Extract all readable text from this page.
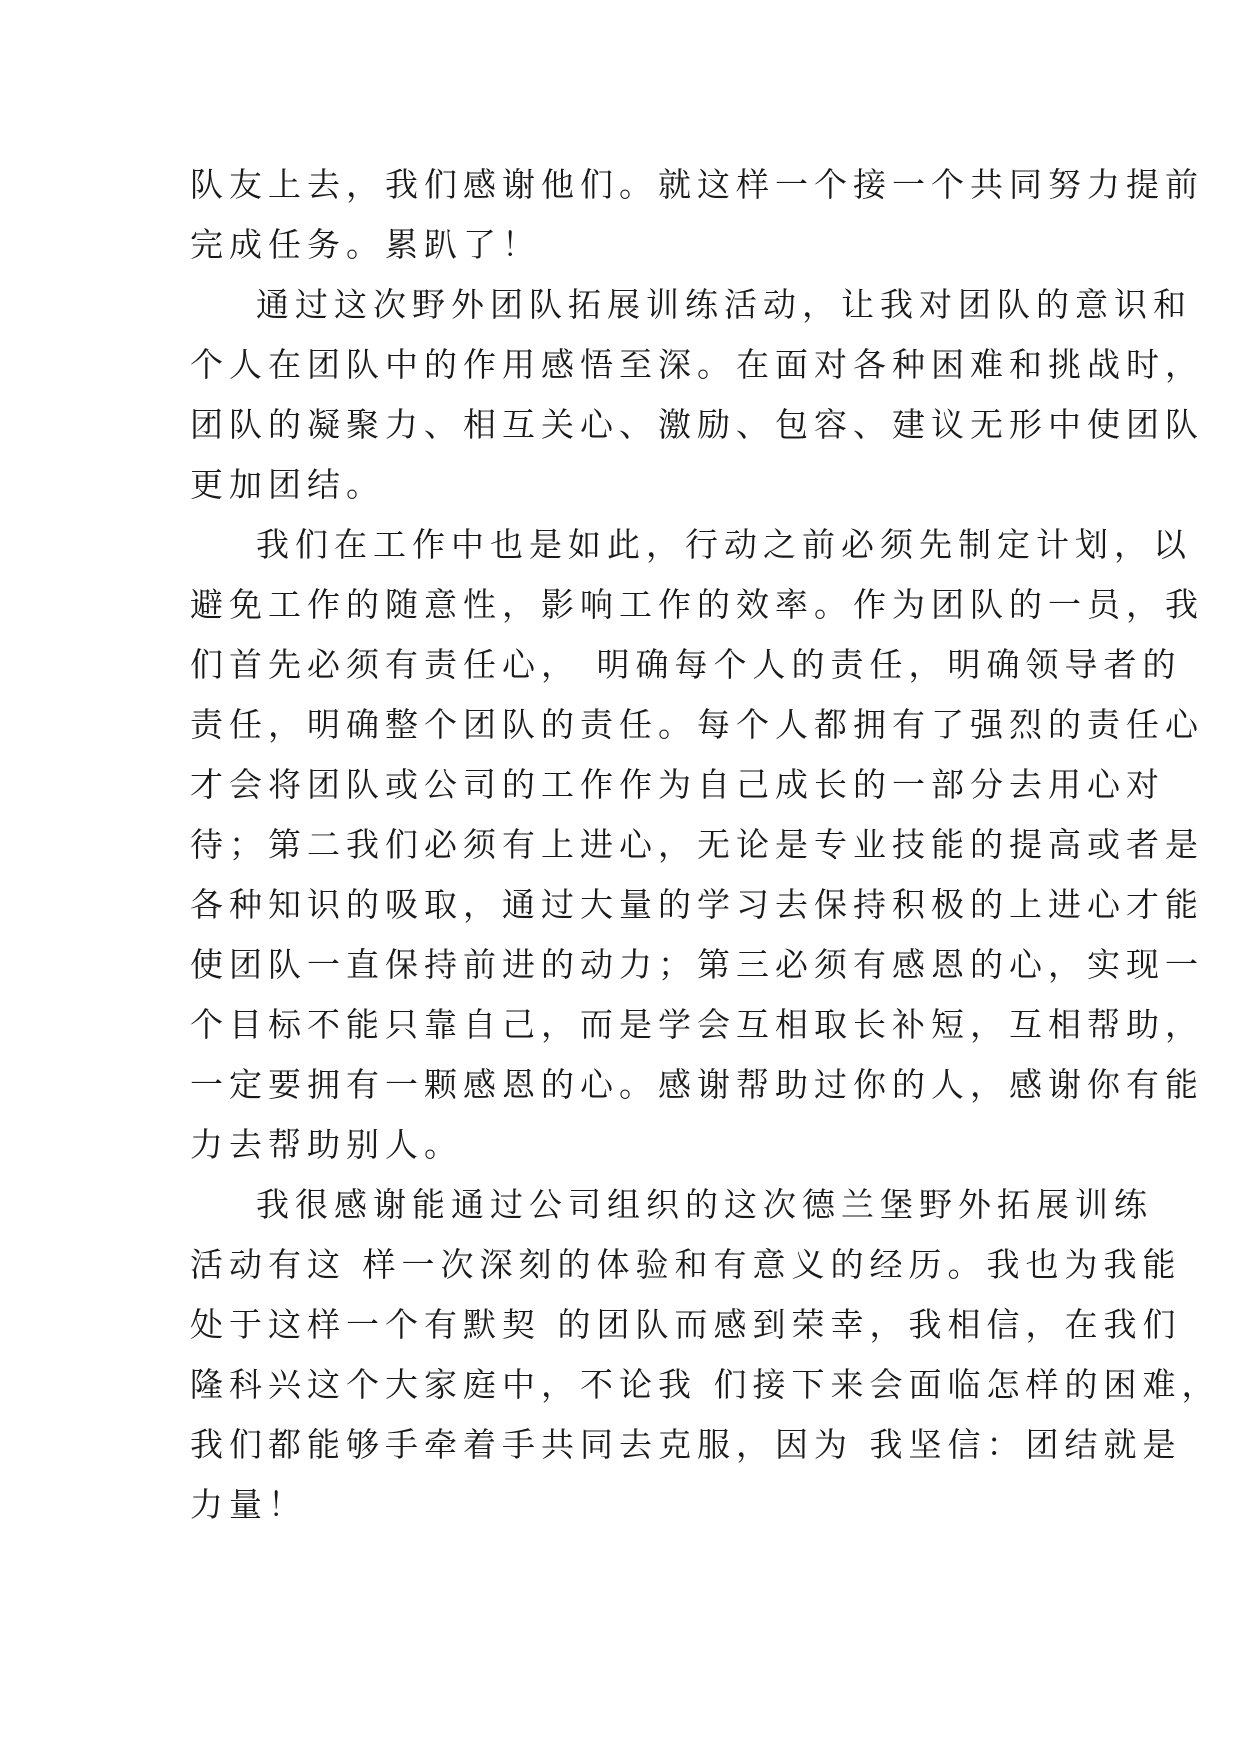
队友上去，我们感谢他们。就这样一个接一个共同努力提前
完成任务。累趴了！
通过这次野外团队拓展训练活动，让我对团队的意识和
个人在团队中的作用感悟至深。在面对各种困难和挑战时，
团队的凝聚力、相互关心、激励、包容、建议无形中使团队
更加团结。
我们在工作中也是如此，行动之前必须先制定计划，以
避免工作的随意性，影响工作的效率。作为团队的一员，我
们首先必须有责任心， 明确每个人的责任，明确领导者的
责任，明确整个团队的责任。每个人都拥有了强烈的责任心
才会将团队或公司的工作作为自己成长的一部分去用心对
待；第二我们必须有上进心，无论是专业技能的提高或者是
各种知识的吸取，通过大量的学习去保持积极的上进心才能
使团队一直保持前进的动力；第三必须有感恩的心，实现一
个目标不能只靠自己，而是学会互相取长补短，互相帮助，
一定要拥有一颗感恩的心。感谢帮助过你的人，感谢你有能
力去帮助别人。
我很感谢能通过公司组织的这次德兰堡野外拓展训练
活动有这 样一次深刻的体验和有意义的经历。我也为我能
处于这样一个有默契 的团队而感到荣幸，我相信，在我们
隆科兴这个大家庭中，不论我 们接下来会面临怎样的困难，
我们都能够手牵着手共同去克服，因为 我坚信：团结就是
力量！
